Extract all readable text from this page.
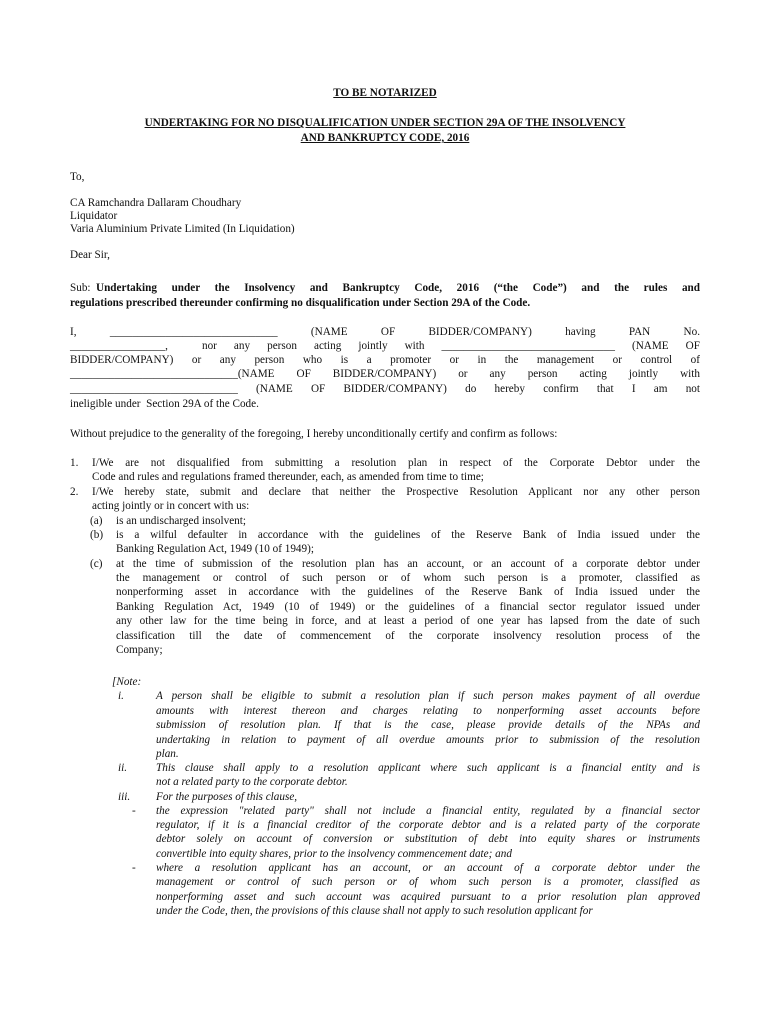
TO BE NOTARIZED
UNDERTAKING FOR NO DISQUALIFICATION UNDER SECTION 29A OF THE INSOLVENCY
AND BANKRUPTCY CODE, 2016
To,
CA Ramchandra Dallaram Choudhary
Liquidator
Varia Aluminium Private Limited (In Liquidation)
Dear Sir,
Sub: Undertaking under the Insolvency and Bankruptcy Code, 2016 (“the Code”) and the rules and
regulations prescribed thereunder confirming no disqualification under Section 29A of the Code.
I,   ______________________________   (NAME   OF   BIDDER/COMPANY)   having   PAN   No.
_________________,  nor any person acting jointly with _______________________________ (NAME OF
BIDDER/COMPANY)  or  any  person  who  is  a  promoter  or  in  the  management  or  control  of
______________________________(NAME OF BIDDER/COMPANY) or any person acting jointly with
______________________________ (NAME OF BIDDER/COMPANY) do hereby confirm that I am not
ineligible under  Section 29A of the Code.
Without prejudice to the generality of the foregoing, I hereby unconditionally certify and confirm as follows:
1. I/We are not disqualified from submitting a resolution plan in respect of the Corporate Debtor under the
Code and rules and regulations framed thereunder, each, as amended from time to time;
2. I/We hereby state, submit and declare that neither the Prospective Resolution Applicant nor any other person
acting jointly or in concert with us:
(a) is an undischarged insolvent;
(b) is a wilful defaulter in accordance with the guidelines of the Reserve Bank of India issued under the
Banking Regulation Act, 1949 (10 of 1949);
(c) at the time of submission of the resolution plan has an account, or an account of a corporate debtor under
the management or control of such person or of whom such person is a promoter, classified as
nonperforming asset in accordance with the guidelines of the Reserve Bank of India issued under the
Banking Regulation Act, 1949 (10 of 1949) or the guidelines of a financial sector regulator issued under
any other law for the time being in force, and at least a period of one year has lapsed from the date of such
classification till the date of commencement of the corporate insolvency resolution process of the
Company;
[Note:
i.	A person shall be eligible to submit a resolution plan if such person makes payment of all overdue
amounts with interest thereon and charges relating to nonperforming asset accounts before
submission of resolution plan. If that is the case, please provide details of the NPAs and
undertaking in relation to payment of all overdue amounts prior to submission of the resolution
plan.
ii.	This clause shall apply to a resolution applicant where such applicant is a financial entity and is
not a related party to the corporate debtor.
iii. For the purposes of this clause,
- the expression "related party" shall not include a financial entity, regulated by a financial sector
regulator, if it is a financial creditor of the corporate debtor and is a related party of the corporate
debtor solely on account of conversion or substitution of debt into equity shares or instruments
convertible into equity shares, prior to the insolvency commencement date; and
- where a resolution applicant has an account, or an account of a corporate debtor under the
management or control of such person or of whom such person is a promoter, classified as
nonperforming asset and such account was acquired pursuant to a prior resolution plan approved
under the Code, then, the provisions of this clause shall not apply to such resolution applicant for
